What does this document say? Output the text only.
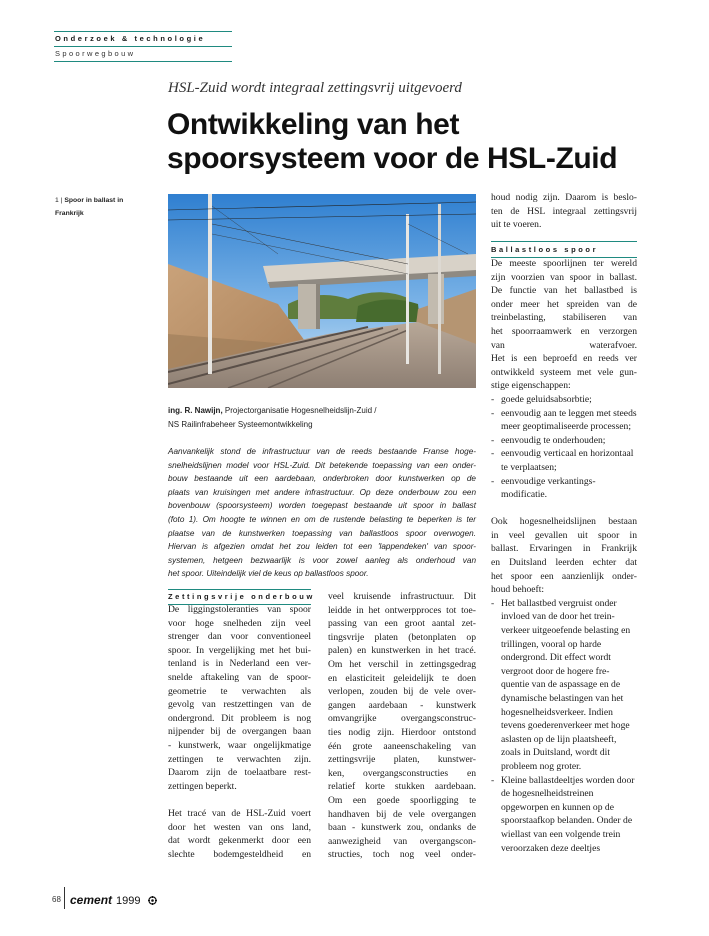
Onderzoek & technologie
Spoorwegbouw
HSL-Zuid wordt integraal zettingsvrij uitgevoerd
Ontwikkeling van het
spoorsysteem voor de HSL-Zuid
1 | Spoor in ballast in
Frankrijk
ing. R. Nawijn, Projectorganisatie Hogesnelheidslijn-Zuid /
NS Railinfrabeheer Systeemontwikkeling
Aanvankelijk stond de infrastructuur van de reeds bestaande Franse hoge-
snelheidslijnen model voor HSL-Zuid. Dit betekende toepassing van een onder-
bouw bestaande uit een aardebaan, onderbroken door kunstwerken op de
plaats van kruisingen met andere infrastructuur. Op deze onderbouw zou een
bovenbouw (spoorsysteem) worden toegepast bestaande uit spoor in ballast
(foto 1). Om hoogte te winnen en om de rustende belasting te beperken is ter
plaatse van de kunstwerken toepassing van ballastloos spoor overwogen.
Hiervan is afgezien omdat het zou leiden tot een 'lappendeken' van spoor-
systemen, hetgeen bezwaarlijk is voor zowel aanleg als onderhoud van
het spoor. Uiteindelijk viel de keus op ballastloos spoor.
Zettingsvrije onderbouw
De liggingstoleranties van spoor
voor hoge snelheden zijn veel
strenger dan voor conventioneel
spoor. In vergelijking met het bui-
tenland is in Nederland een ver-
snelde aftakeling van de spoor-
geometrie te verwachten als
gevolg van restzettingen van de
ondergrond. Dit probleem is nog
nijpender bij de overgangen baan
- kunstwerk, waar ongelijkmatige
zettingen te verwachten zijn.
Daarom zijn de toelaatbare rest-
zettingen beperkt.
Het tracé van de HSL-Zuid voert
door het westen van ons land,
dat wordt gekenmerkt door een
slechte bodemgesteldheid en
veel kruisende infrastructuur. Dit
leidde in het ontwerpproces tot toe-
passing van een groot aantal zet-
tingsvrije platen (betonplaten op
palen) en kunstwerken in het tracé.
Om het verschil in zettingsgedrag
en elasticiteit geleidelijk te doen
verlopen, zouden bij de vele over-
gangen aardebaan - kunstwerk
omvangrijke overgangsconstruc-
ties nodig zijn. Hierdoor ontstond
één grote aaneenschakeling van
zettingsvrije platen, kunstwer-
ken, overgangsconstructies en
relatief korte stukken aardebaan.
Om een goede spoorligging te
handhaven bij de vele overgangen
baan - kunstwerk zou, ondanks de
aanwezigheid van overgangscon-
structies, toch nog veel onder-
houd nodig zijn. Daarom is beslo-
ten de HSL integraal zettingsvrij
uit te voeren.
Ballastloos spoor
De meeste spoorlijnen ter wereld
zijn voorzien van spoor in ballast.
De functie van het ballastbed is
onder meer het spreiden van de
treinbelasting, stabiliseren van
het spoorraamwerk en verzorgen
van waterafvoer.
Het is een beproefd en reeds ver
ontwikkeld systeem met vele gun-
stige eigenschappen:
- goede geluidsabsorbtie;
- eenvoudig aan te leggen met steeds meer geoptimaliseerde processen;
- eenvoudig te onderhouden;
- eenvoudig verticaal en horizontaal te verplaatsen;
- eenvoudige verkantings-modificatie.
Ook hogesnelheidslijnen bestaan
in veel gevallen uit spoor in
ballast. Ervaringen in Frankrijk
en Duitsland leerden echter dat
het spoor een aanzienlijk onder-
houd behoeft:
- Het ballastbed vergruist onder invloed van de door het trein-verkeer uitgeoefende belasting en trillingen, vooral op harde ondergrond. Dit effect wordt vergroot door de hogere fre-quentie van de aspassage en de dynamische belastingen van het hogesnelheidsverkeer. Indien tevens goederenverkeer met hoge aslasten op de lijn plaatsheeft, zoals in Duitsland, wordt dit probleem nog groter.
- Kleine ballastdeeltjes worden door de hogesnelheidstreinen opgeworpen en kunnen op de spoorstaafkop belanden. Onder de wiellast van een volgende trein veroorzaken deze deeltjes
68 cement 1999
